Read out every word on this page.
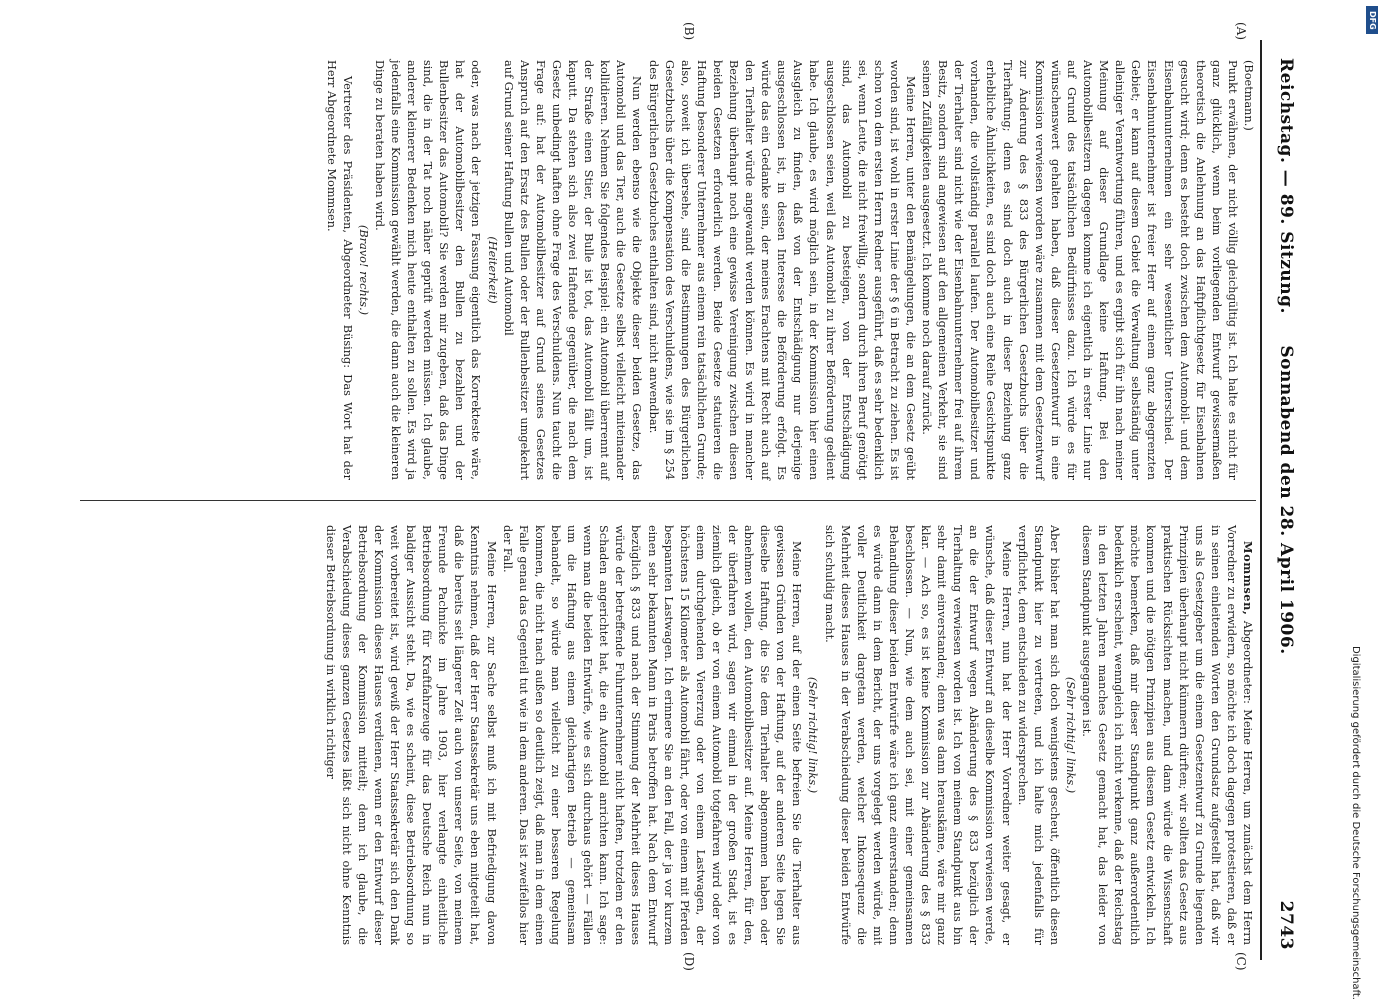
Reichstag. — 89. Sitzung.
Sonnabend den 28. April 1906.
2743
(A)
(B)
(C)
(D)

(Boetmann.)

Punkt erwähnen, der nicht völlig gleichgültig ist. Ich halte es nicht für ganz glücklich, wenn beim vorliegenden Entwurf gewissermaßen theoretisch die Anlehnung an das Haftpflichtgesetz für Eisenbahnen gesucht wird; denn es besteht doch zwischen dem Automobil- und dem Eisenbahnunternehmen ein sehr wesentlicher Unterschied. Der Eisenbahnunternehmer ist freier Herr auf einem ganz abgegrenzten Gebiet; er kann auf diesem Gebiet die Verwaltung selbständig unter alleiniger Verantwortung führen, und es ergibt sich für ihn nach meiner Meinung auf dieser Grundlage keine Haftung. Bei den Automobilbesitzern dagegen komme ich eigentlich in erster Linie nur auf Grund des tatsächlichen Bedürfnisses dazu. Ich würde es für wünschenswert gehalten haben, daß dieser Gesetzentwurf in eine Kommission verwiesen worden wäre zusammen mit dem Gesetzentwurf zur Änderung des § 833 des Bürgerlichen Gesetzbuchs über die Tierhaftung; denn es sind doch auch in dieser Beziehung ganz erhebliche Ähnlichkeiten, es sind doch auch eine Reihe Gesichtspunkte vorhanden, die vollständig parallel laufen. Der Automobilbesitzer und der Tierhalter sind nicht wie der Eisenbahnunternehmer frei auf ihrem Besitz, sondern sind angewiesen auf den allgemeinen Verkehr, sie sind seinen Zufälligkeiten ausgesetzt. Ich komme noch darauf zurück.

Meine Herren, unter den Bemängelungen, die an dem Gesetz geübt worden sind, ist wohl in erster Linie der § 6 in Betracht zu ziehen. Es ist schon von dem ersten Herrn Redner ausgeführt, daß es sehr bedenklich sei, wenn Leute, die nicht freiwillig, sondern durch ihren Beruf genötigt sind, das Automobil zu besteigen, von der Entschädigung ausgeschlossen seien, weil das Automobil zu ihrer Beförderung gedient habe. Ich glaube, es wird möglich sein, in der Kommission hier einen Ausgleich zu finden, daß von der Entschädigung nur derjenige ausgeschlossen ist, in dessen Interesse die Beförderung erfolgt. Es würde das ein Gedanke sein, der meines Erachtens mit Recht auch auf den Tierhalter würde angewandt werden können. Es wird in mancher Beziehung überhaupt noch eine gewisse Vereinigung zwischen diesen beiden Gesetzen erforderlich werden. Beide Gesetze statuieren die Haftung besonderer Unternehmer aus einem rein tatsächlichen Grunde; also, soweit ich übersehe, sind die Bestimmungen des Bürgerlichen Gesetzbuchs über die Kompensation des Verschuldens, wie sie im § 254 des Bürgerlichen Gesetzbuches enthalten sind, nicht anwendbar.

Nun werden ebenso wie die Objekte dieser beiden Gesetze, das Automobil und das Tier, auch die Gesetze selbst vielleicht miteinander kollidieren. Nehmen Sie folgendes Beispiel: ein Automobil überrennt auf der Straße einen Stier, der Bulle ist tot, das Automobil fällt um, ist kaputt. Da stehen sich also zwei Haftende gegenüber, die nach dem Gesetz unbedingt haften ohne Frage des Verschuldens. Nun taucht die Frage auf: hat der Automobilbesitzer auf Grund seines Gesetzes Anspruch auf den Ersatz des Bullen oder der Bullenbesitzer umgekehrt auf Grund seiner Haftung Bullen und Automobil

(Heiterkeit)

oder, was nach der jetzigen Fassung eigentlich das Korrekteste wäre, hat der Automobilbesitzer den Bullen zu bezahlen und der Bullenbesitzer das Automobil? Sie werden mir zugeben, daß das Dinge sind, die in der Tat noch näher geprüft werden müssen. Ich glaube, anderer kleinerer Bedenken mich heute enthalten zu sollen. Es wird ja jedenfalls eine Kommission gewählt werden, die dann auch die kleineren Dinge zu beraten haben wird.

(Bravo! rechts.)

Vertreter des Präsidenten, Abgeordneter Büsing: Das Wort hat der Herr Abgeordnete Mommsen.

Mommsen, Abgeordneter: Meine Herren, um zunächst dem Herrn Vorredner zu erwidern, so möchte ich doch dagegen protestieren, daß er in seinen einleitenden Worten den Grundsatz aufgestellt hat, daß wir uns als Gesetzgeber um die einem Gesetzentwurf zu Grunde liegenden Prinzipien überhaupt nicht kümmern dürften; wir sollten das Gesetz aus praktischen Rücksichten machen, und dann würde die Wissenschaft kommen und die nötigen Prinzipien aus diesem Gesetz entwickeln. Ich möchte bemerken, daß mir dieser Standpunkt ganz außerordentlich bedenklich erscheint, wenngleich ich nicht verkenne, daß der Reichstag in den letzten Jahren manches Gesetz gemacht hat, das leider von diesem Standpunkt ausgegangen ist.

(Sehr richtig! links.)

Aber bisher hat man sich doch wenigstens gescheut, öffentlich diesen Standpunkt hier zu vertreten, und ich halte mich jedenfalls für verpflichtet, dem entschieden zu widersprechen.

Meine Herren, nun hat der Herr Vorredner weiter gesagt, er wünsche, daß dieser Entwurf an dieselbe Kommission verwiesen werde, an die der Entwurf wegen Abänderung des § 833 bezüglich der Tierhaltung verwiesen worden ist. Ich von meinem Standpunkt aus bin sehr damit einverstanden; denn was dann herauskäme, wäre mir ganz klar. — Ach so, es ist keine Kommission zur Abänderung des § 833 beschlossen. — Nun, wie dem auch sei, mit einer gemeinsamen Behandlung dieser beiden Entwürfe wäre ich ganz einverstanden; denn es würde dann in dem Bericht, der uns vorgelegt werden würde, mit voller Deutlichkeit dargetan werden, welcher Inkonsequenz die Mehrheit dieses Hauses in der Verabschiedung dieser beiden Entwürfe sich schuldig macht.

(Sehr richtig! links.)

Meine Herren, auf der einen Seite befreien Sie die Tierhalter aus gewissen Gründen von der Haftung, auf der anderen Seite legen Sie dieselbe Haftung, die Sie dem Tierhalter abgenommen haben oder abnehmen wollen, den Automobilbesitzer auf. Meine Herren, für den, der überfahren wird, sagen wir einmal in der großen Stadt, ist es ziemlich gleich, ob er von einem Automobil totgefahren wird oder von einem durchgehenden Viererzug oder von einem Lastwagen, der höchstens 15 Kilometer als Automobil fährt, oder von einem mit Pferden bespannten Lastwagen. Ich erinnere Sie an den Fall, der ja vor kurzem einen sehr bekannten Mann in Paris betroffen hat. Nach dem Entwurf bezüglich § 833 und nach der Stimmung der Mehrheit dieses Hauses würde der betreffende Fuhrunternehmer nicht haften, trotzdem er den Schaden angerichtet hat, die ein Automobil anrichten kann. Ich sage: wenn man die beiden Entwürfe, wie es sich durchaus gehört — Fällen um die Haftung aus einem gleichartigen Betrieb — gemeinsam behandelt, so würde man vielleicht zu einer besseren Regelung kommen, die nicht nach außen so deutlich zeigt, daß man in dem einen Falle genau das Gegenteil tut wie in dem anderen. Das ist zweifellos hier der Fall.

Meine Herren, zur Sache selbst muß ich mit Befriedigung davon Kenntnis nehmen, daß der Herr Staatssekretär uns eben mitgeteilt hat, daß die bereits seit längerer Zeit auch von unserer Seite, von meinem Freunde Pachnicke im Jahre 1903, hier verlangte einheitliche Betriebsordnung für Kraftfahrzeuge für das Deutsche Reich nun in baldiger Aussicht steht. Da, wie es scheint, diese Betriebsordnung so weit vorbereitet ist, wird gewiß der Herr Staatssekretär sich den Dank der Kommission dieses Hauses verdienen, wenn er den Entwurf dieser Betriebsordnung der Kommission mitteilt; denn ich glaube, die Verabschiedung dieses ganzen Gesetzes läßt sich nicht ohne Kenntnis dieser Betriebsordnung in wirklich richtiger

DFG
Digitalisierung gefördert durch die Deutsche Forschungsgemeinschaft.
